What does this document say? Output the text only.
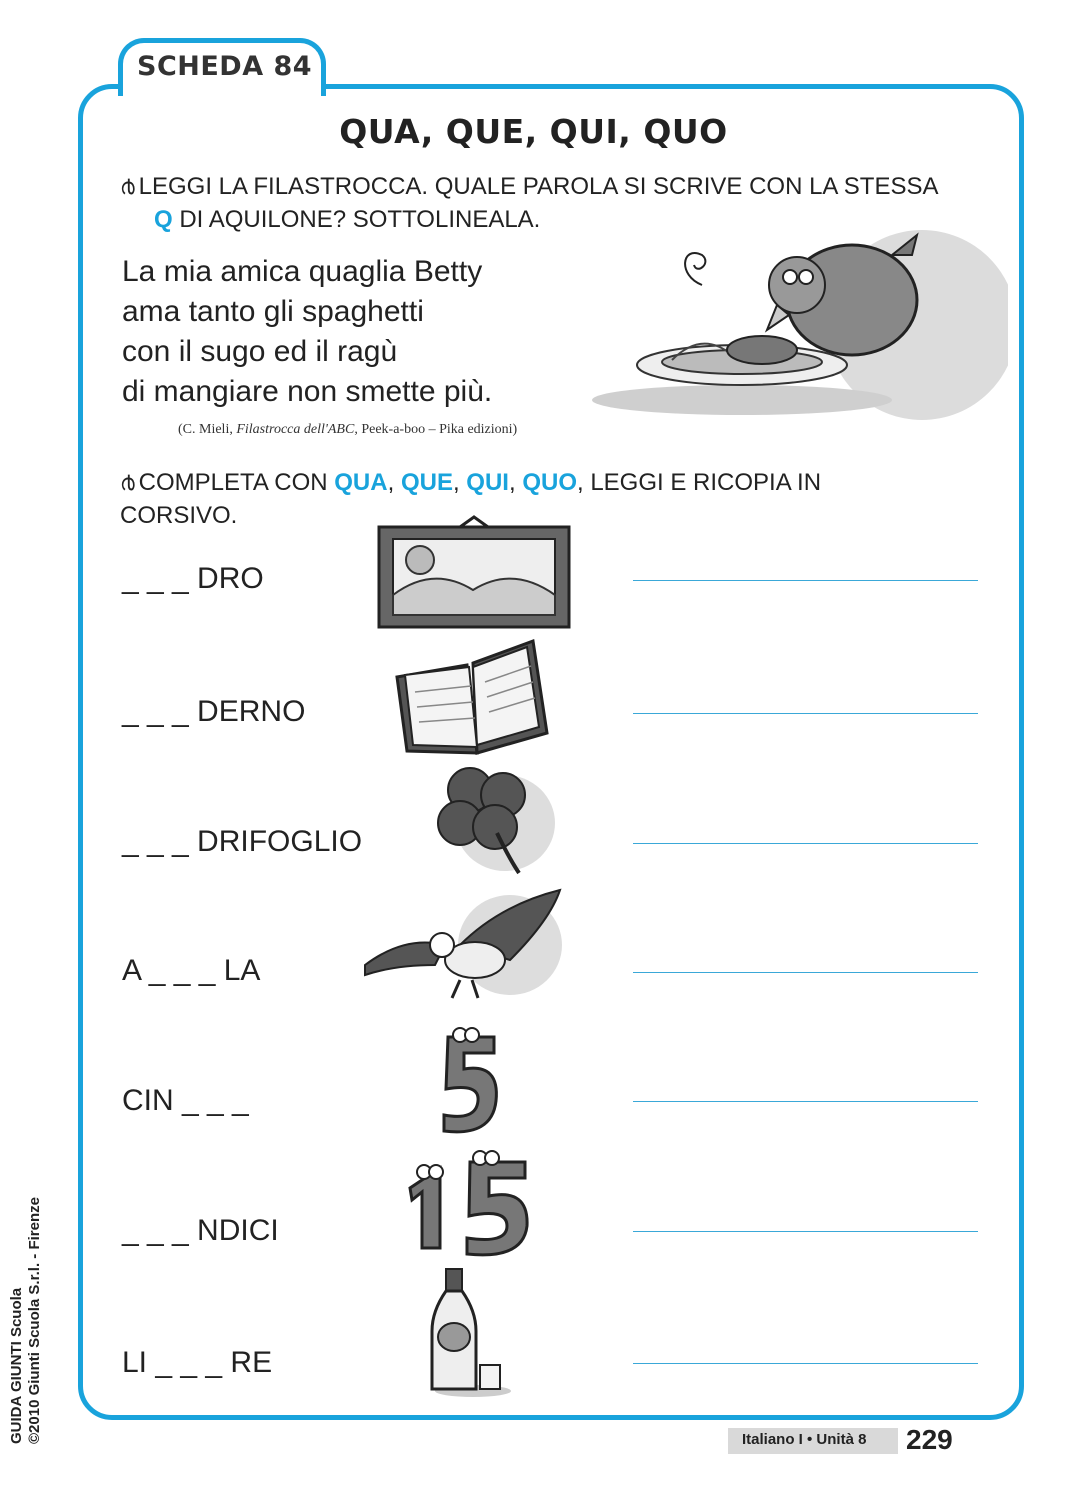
SCHEDA 84
QUA, QUE, QUI, QUO
൪ LEGGI LA FILASTROCCA. QUALE PAROLA SI SCRIVE CON LA STESSA
Q DI AQUILONE? SOTTOLINEALA.
La mia amica quaglia Betty
ama tanto gli spaghetti
con il sugo ed il ragù
di mangiare non smette più.
(C. Mieli, Filastrocca dell'ABC, Peek-a-boo – Pika edizioni)
൪ COMPLETA CON QUA, QUE, QUI, QUO, LEGGI E RICOPIA IN
CORSIVO.
_ _ _ DRO
_ _ _ DERNO
_ _ _ DRIFOGLIO
A _ _ _ LA
CIN _ _ _
_ _ _ NDICI
LI _ _ _ RE
Italiano I • Unità 8 229
GUIDA GIUNTI Scuola ©2010 Giunti Scuola S.r.l. - Firenze
